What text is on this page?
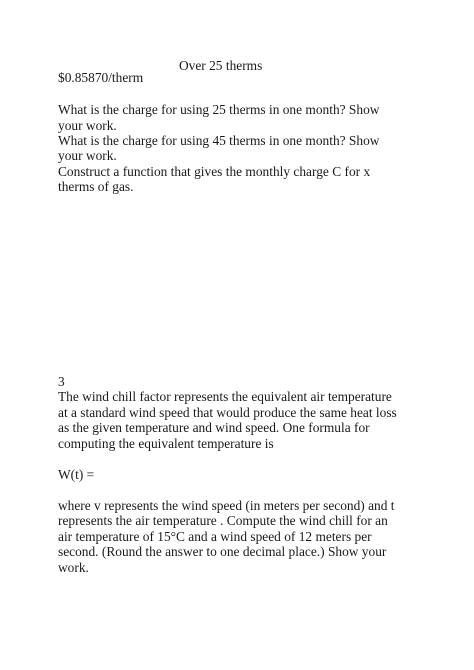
Over 25 therms
$0.85870/therm
What is the charge for using 25 therms in one month? Show
your work.
What is the charge for using 45 therms in one month? Show
your work.
Construct a function that gives the monthly charge C for x
therms of gas.
3
The wind chill factor represents the equivalent air temperature
at a standard wind speed that would produce the same heat loss
as the given temperature and wind speed. One formula for
computing the equivalent temperature is
W(t) =
where v represents the wind speed (in meters per second) and t
represents the air temperature . Compute the wind chill for an
air temperature of 15°C and a wind speed of 12 meters per
second. (Round the answer to one decimal place.) Show your
work.
